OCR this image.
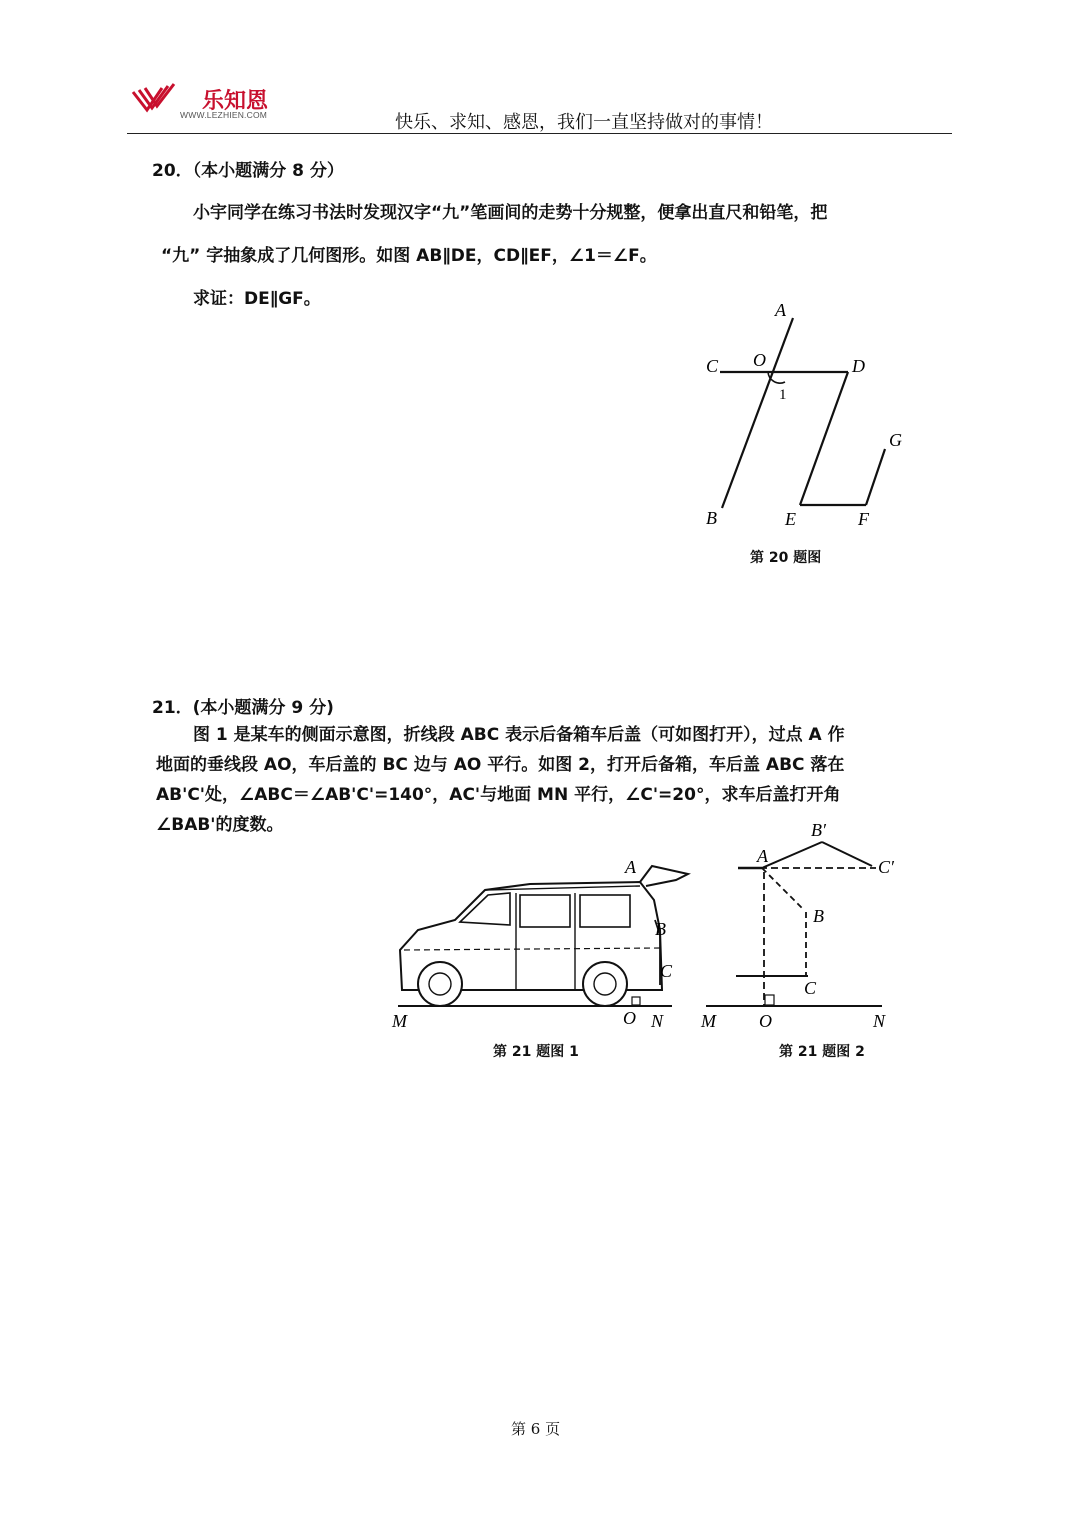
乐知恩
WWW.LEZHIEN.COM	快乐、求知、感恩，我们一直坚持做对的事情！
20．（本小题满分 8 分）
小宇同学在练习书法时发现汉字“九”笔画间的走势十分规整，便拿出直尺和铅笔，把
“九” 字抽象成了几何图形。如图 AB∥DE，CD∥EF，∠1＝∠F。
求证：DE∥GF。
A
C O	D
1
G
B	E	F
第 20 题图
21．(本小题满分 9 分)
图 1 是某车的侧面示意图，折线段 ABC 表示后备箱车后盖（可如图打开），过点 A 作
地面的垂线段 AO，车后盖的 BC 边与 AO 平行。如图 2，打开后备箱，车后盖 ABC 落在
AB'C'处，∠ABC＝∠AB'C'=140°，AC'与地面 MN 平行，∠C'=20°，求车后盖打开角
∠BAB'的度数。
A
B
C
M	O N
第 21 题图 1
B′
A
C′
B
C
M O	N
第 21 题图 2
第 6 页
